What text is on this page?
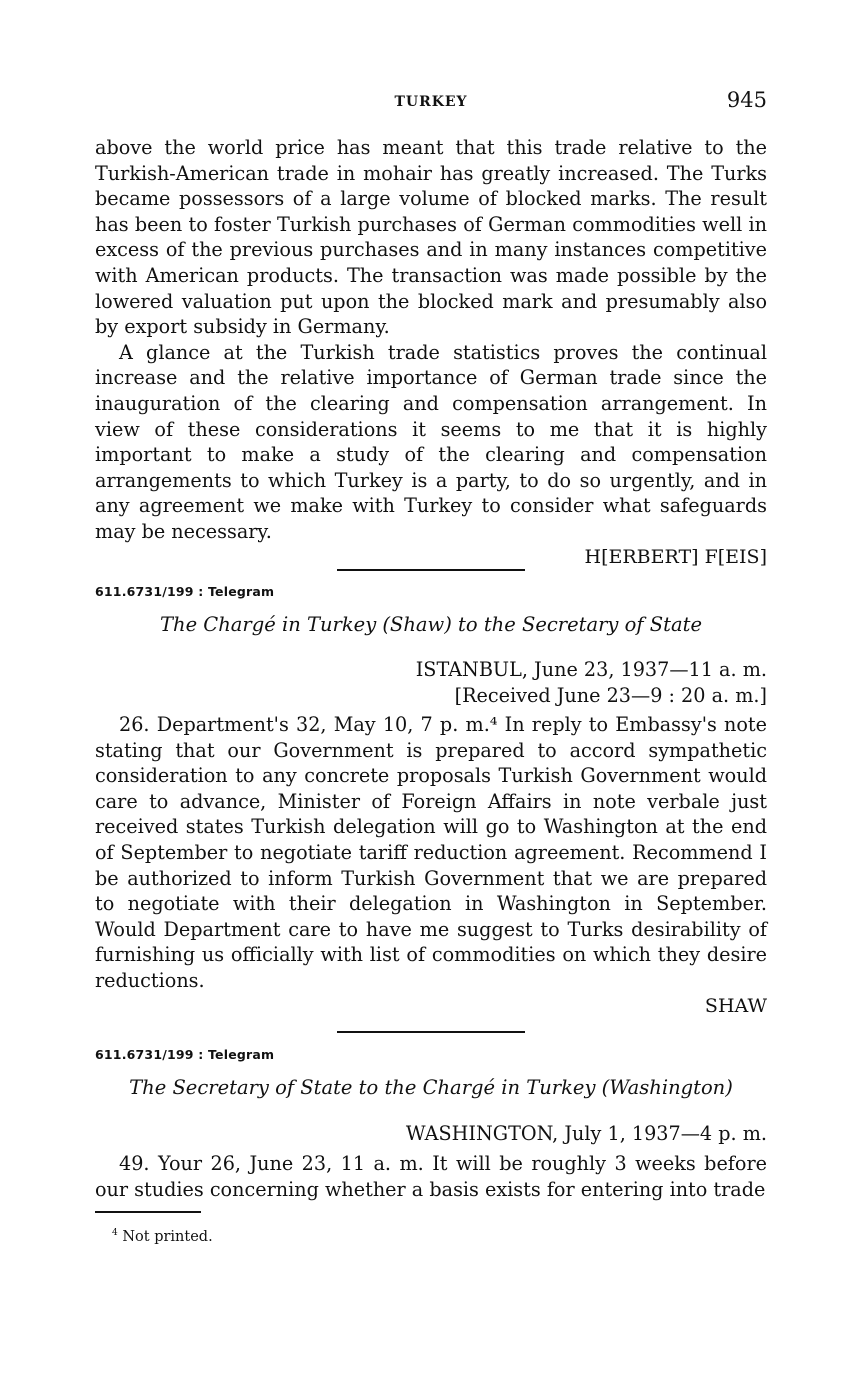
TURKEY	945

above the world price has meant that this trade relative to the Turkish-American trade in mohair has greatly increased. The Turks became possessors of a large volume of blocked marks. The result has been to foster Turkish purchases of German commodities well in excess of the previous purchases and in many instances competitive with American products. The transaction was made possible by the lowered valuation put upon the blocked mark and presumably also by export subsidy in Germany.

A glance at the Turkish trade statistics proves the continual increase and the relative importance of German trade since the inauguration of the clearing and compensation arrangement. In view of these considerations it seems to me that it is highly important to make a study of the clearing and compensation arrangements to which Turkey is a party, to do so urgently, and in any agreement we make with Turkey to consider what safeguards may be necessary.

H[ERBERT] F[EIS]

611.6731/199 : Telegram
The Chargé in Turkey (Shaw) to the Secretary of State
ISTANBUL, June 23, 1937—11 a. m.
[Received June 23—9 : 20 a. m.]

26. Department's 32, May 10, 7 p. m.⁴ In reply to Embassy's note stating that our Government is prepared to accord sympathetic consideration to any concrete proposals Turkish Government would care to advance, Minister of Foreign Affairs in note verbale just received states Turkish delegation will go to Washington at the end of September to negotiate tariff reduction agreement. Recommend I be authorized to inform Turkish Government that we are prepared to negotiate with their delegation in Washington in September. Would Department care to have me suggest to Turks desirability of furnishing us officially with list of commodities on which they desire reductions.

SHAW

611.6731/199 : Telegram
The Secretary of State to the Chargé in Turkey (Washington)
WASHINGTON, July 1, 1937—4 p. m.

49. Your 26, June 23, 11 a. m. It will be roughly 3 weeks before our studies concerning whether a basis exists for entering into trade

$^4$ Not printed.
